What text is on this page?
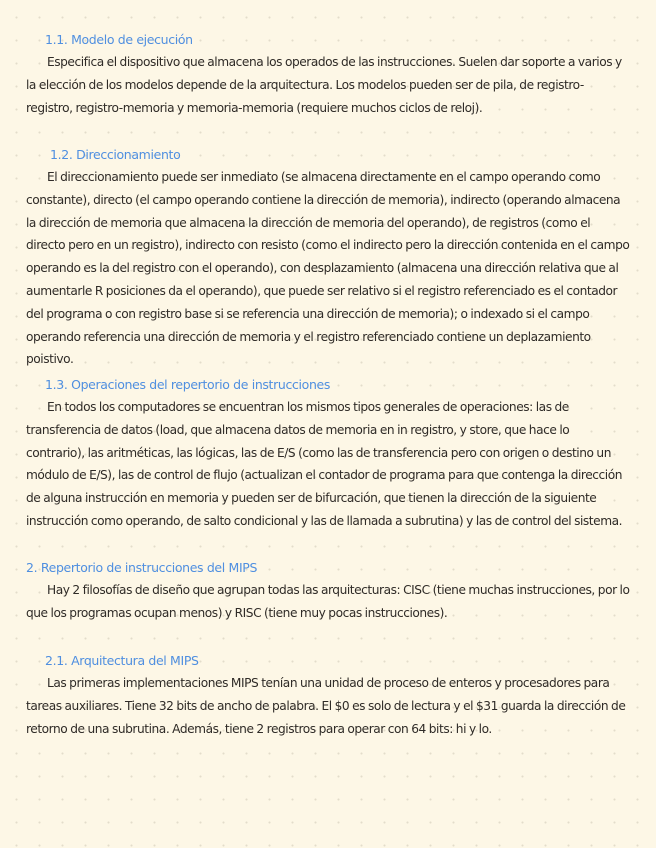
1.1. Modelo de ejecución

Especifica el dispositivo que almacena los operados de las instrucciones. Suelen dar soporte a varios y la elección de los modelos depende de la arquitectura. Los modelos pueden ser de pila, de registro-registro, registro-memoria y memoria-memoria (requiere muchos ciclos de reloj).

1.2. Direccionamiento

El direccionamiento puede ser inmediato (se almacena directamente en el campo operando como constante), directo (el campo operando contiene la dirección de memoria), indirecto (operando almacena la dirección de memoria que almacena la dirección de memoria del operando), de registros (como el directo pero en un registro), indirecto con resisto (como el indirecto pero la dirección contenida en el campo operando es la del registro con el operando), con desplazamiento (almacena una dirección relativa que al aumentarle R posiciones da el operando), que puede ser relativo si el registro referenciado es el contador del programa o con registro base si se referencia una dirección de memoria); o indexado si el campo operando referencia una dirección de memoria y el registro referenciado contiene un deplazamiento poistivo.

1.3. Operaciones del repertorio de instrucciones

En todos los computadores se encuentran los mismos tipos generales de operaciones: las de transferencia de datos (load, que almacena datos de memoria en in registro, y store, que hace lo contrario), las aritméticas, las lógicas, las de E/S (como las de transferencia pero con origen o destino un módulo de E/S), las de control de flujo (actualizan el contador de programa para que contenga la dirección de alguna instrucción en memoria y pueden ser de bifurcación, que tienen la dirección de la siguiente instrucción como operando, de salto condicional y las de llamada a subrutina) y las de control del sistema.

2. Repertorio de instrucciones del MIPS

Hay 2 filosofías de diseño que agrupan todas las arquitecturas: CISC (tiene muchas instrucciones, por lo que los programas ocupan menos) y RISC (tiene muy pocas instrucciones).

2.1. Arquitectura del MIPS

Las primeras implementaciones MIPS tenían una unidad de proceso de enteros y procesadores para tareas auxiliares. Tiene 32 bits de ancho de palabra. El $0 es solo de lectura y el $31 guarda la dirección de retorno de una subrutina. Además, tiene 2 registros para operar con 64 bits: hi y lo.
